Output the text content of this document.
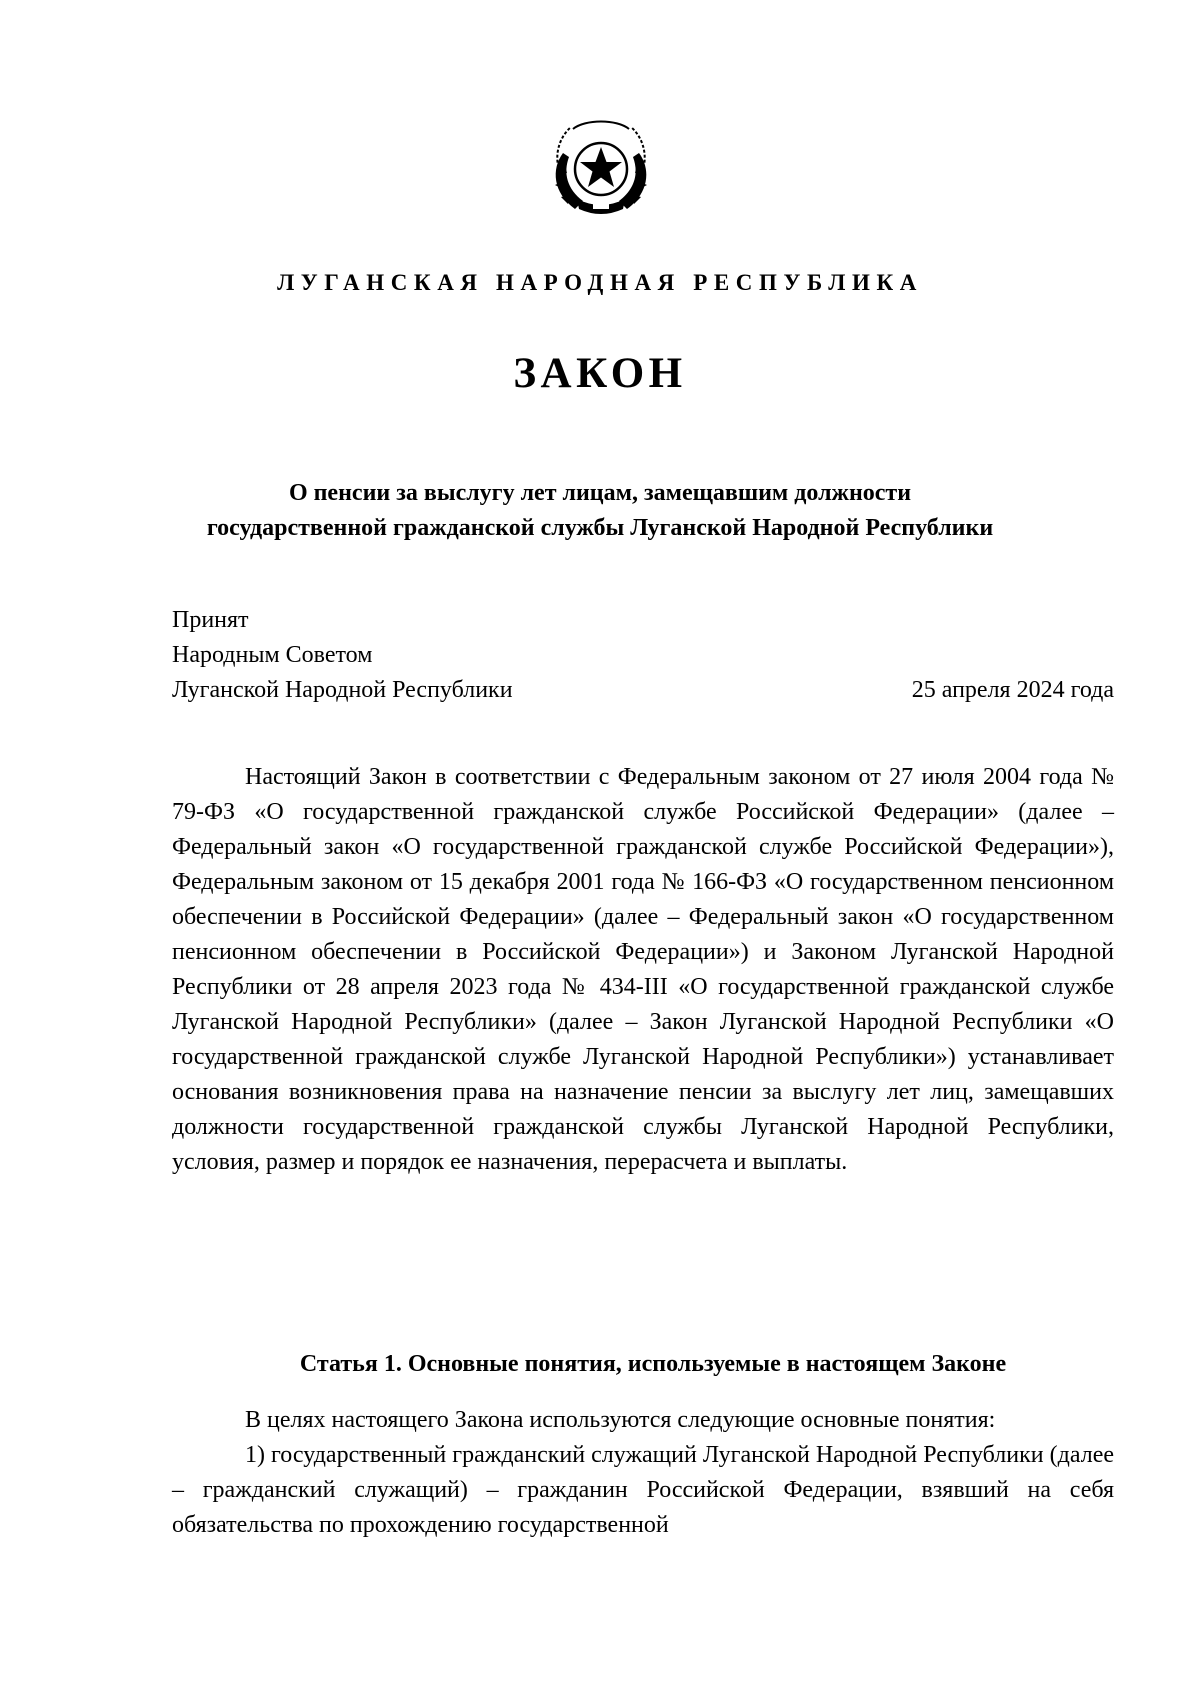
ЛУГАНСКАЯ НАРОДНАЯ РЕСПУБЛИКА
ЗАКОН
О пенсии за выслугу лет лицам, замещавшим должности
государственной гражданской службы Луганской Народной Республики
Принят
Народным Советом
Луганской Народной Республики	25 апреля 2024 года

Настоящий Закон в соответствии с Федеральным законом от 27 июля 2004 года № 79-ФЗ «О государственной гражданской службе Российской Федерации» (далее – Федеральный закон «О государственной гражданской службе Российской Федерации»), Федеральным законом от 15 декабря 2001 года № 166-ФЗ «О государственном пенсионном обеспечении в Российской Федерации» (далее – Федеральный закон «О государственном пенсионном обеспечении в Российской Федерации») и Законом Луганской Народной Республики от 28 апреля 2023 года № 434-III «О государственной гражданской службе Луганской Народной Республики» (далее – Закон Луганской Народной Республики «О государственной гражданской службе Луганской Народной Республики») устанавливает основания возникновения права на назначение пенсии за выслугу лет лиц, замещавших должности государственной гражданской службы Луганской Народной Республики, условия, размер и порядок ее назначения, перерасчета и выплаты.

Статья 1. Основные понятия, используемые в настоящем Законе

В целях настоящего Закона используются следующие основные понятия:

1) государственный гражданский служащий Луганской Народной Республики (далее – гражданский служащий) – гражданин Российской Федерации, взявший на себя обязательства по прохождению государственной
